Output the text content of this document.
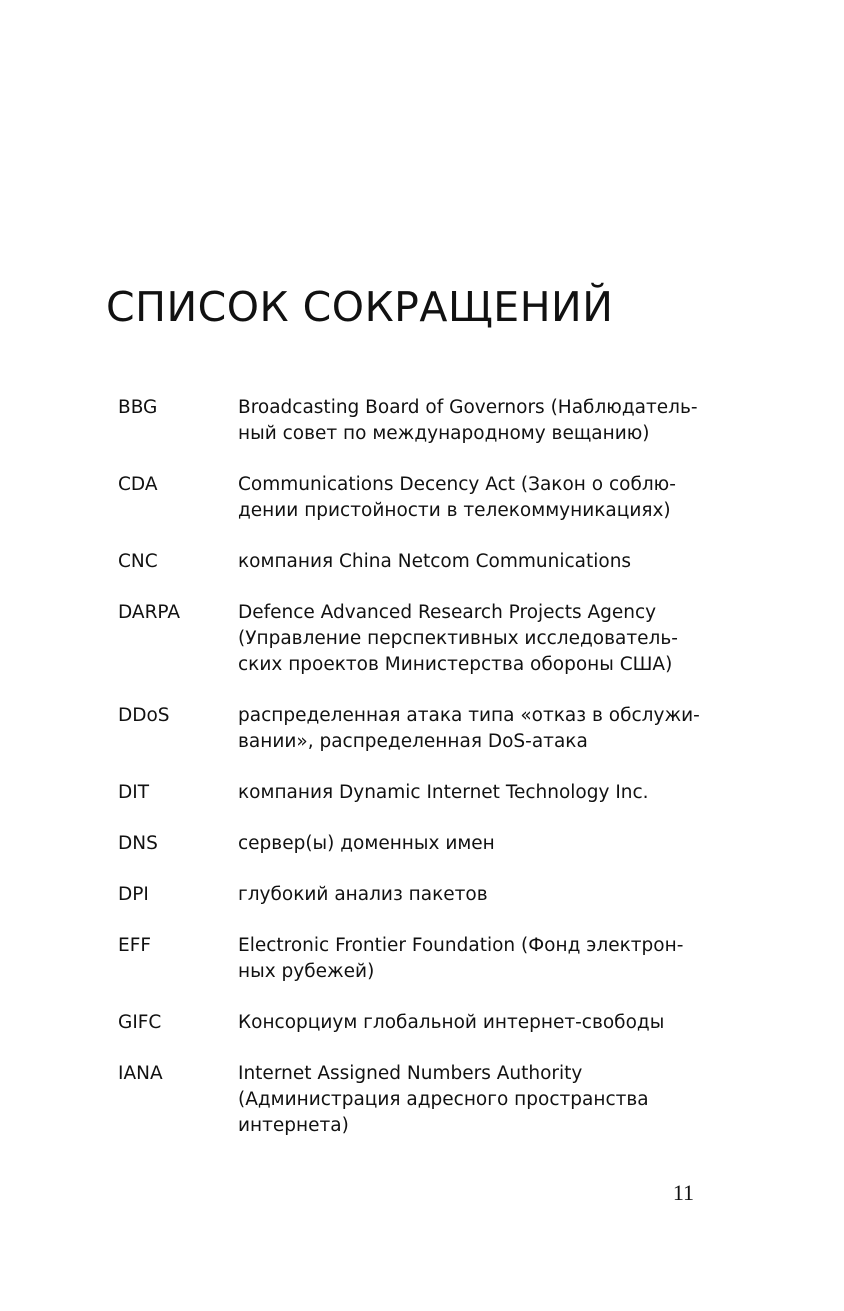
СПИСОК СОКРАЩЕНИЙ
BBG	Broadcasting Board of Governors (Наблюдатель-
ный совет по международному вещанию)
CDA	Communications Decency Act (Закон о соблю-
дении пристойности в телекоммуникациях)
CNC	компания China Netcom Communications
DARPA	Defence Advanced Research Projects Agency
(Управление перспективных исследователь-
ских проектов Министерства обороны США)
DDoS	распределенная атака типа «отказ в обслужи-
вании», распределенная DoS-атака
DIT	компания Dynamic Internet Technology Inc.
DNS	сервер(ы) доменных имен
DPI	глубокий анализ пакетов
EFF	Electronic Frontier Foundation (Фонд электрон-
ных рубежей)
GIFC	Консорциум глобальной интернет-свободы
IANA	Internet Assigned Numbers Authority
(Администрация адресного пространства
интернета)
11
